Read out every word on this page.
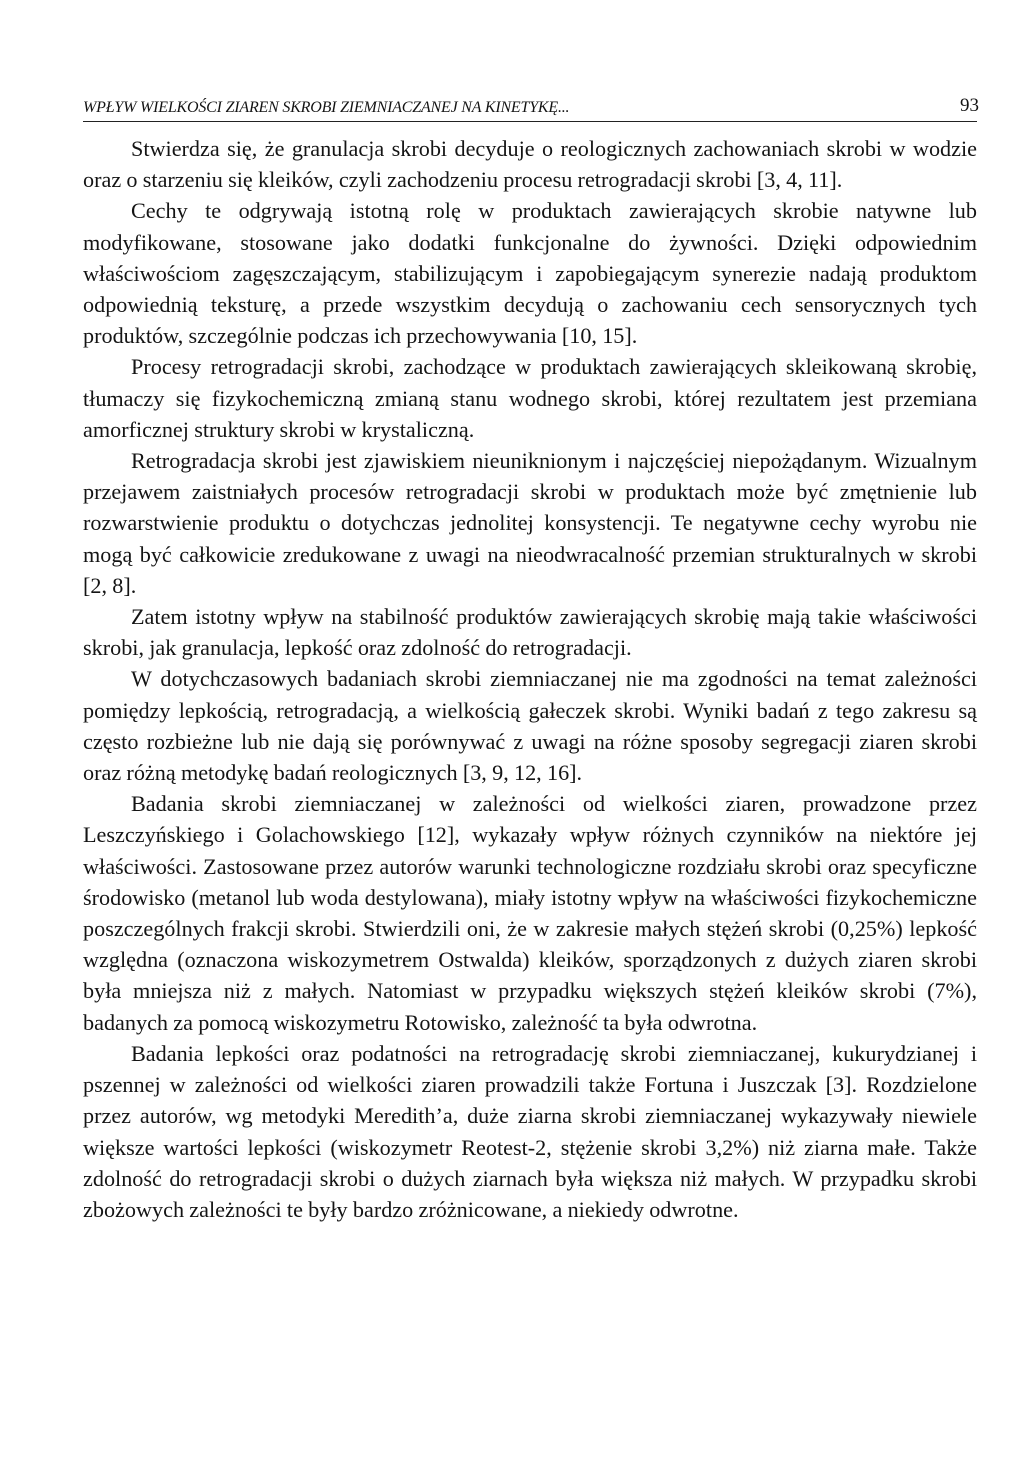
WPŁYW WIELKOŚCI ZIAREN SKROBI ZIEMNIACZANEJ NA KINETYKĘ...	93

Stwierdza się, że granulacja skrobi decyduje o reologicznych zachowaniach skrobi w wodzie oraz o starzeniu się kleików, czyli zachodzeniu procesu retrogradacji skrobi [3, 4, 11].

Cechy te odgrywają istotną rolę w produktach zawierających skrobie natywne lub modyfikowane, stosowane jako dodatki funkcjonalne do żywności. Dzięki odpowiednim właściwościom zagęszczającym, stabilizującym i zapobiegającym synerezie nadają produktom odpowiednią teksturę, a przede wszystkim decydują o zachowaniu cech sensorycznych tych produktów, szczególnie podczas ich przechowywania [10, 15].

Procesy retrogradacji skrobi, zachodzące w produktach zawierających skleikowaną skrobię, tłumaczy się fizykochemiczną zmianą stanu wodnego skrobi, której rezultatem jest przemiana amorficznej struktury skrobi w krystaliczną.

Retrogradacja skrobi jest zjawiskiem nieuniknionym i najczęściej niepożądanym. Wizualnym przejawem zaistniałych procesów retrogradacji skrobi w produktach może być zmętnienie lub rozwarstwienie produktu o dotychczas jednolitej konsystencji. Te negatywne cechy wyrobu nie mogą być całkowicie zredukowane z uwagi na nieodwracalność przemian strukturalnych w skrobi [2, 8].

Zatem istotny wpływ na stabilność produktów zawierających skrobię mają takie właściwości skrobi, jak granulacja, lepkość oraz zdolność do retrogradacji.

W dotychczasowych badaniach skrobi ziemniaczanej nie ma zgodności na temat zależności pomiędzy lepkością, retrogradacją, a wielkością gałeczek skrobi. Wyniki badań z tego zakresu są często rozbieżne lub nie dają się porównywać z uwagi na różne sposoby segregacji ziaren skrobi oraz różną metodykę badań reologicznych [3, 9, 12, 16].

Badania skrobi ziemniaczanej w zależności od wielkości ziaren, prowadzone przez Leszczyńskiego i Golachowskiego [12], wykazały wpływ różnych czynników na niektóre jej właściwości. Zastosowane przez autorów warunki technologiczne rozdziału skrobi oraz specyficzne środowisko (metanol lub woda destylowana), miały istotny wpływ na właściwości fizykochemiczne poszczególnych frakcji skrobi. Stwierdzili oni, że w zakresie małych stężeń skrobi (0,25%) lepkość względna (oznaczona wiskozymetrem Ostwalda) kleików, sporządzonych z dużych ziaren skrobi była mniejsza niż z małych. Natomiast w przypadku większych stężeń kleików skrobi (7%), badanych za pomocą wiskozymetru Rotowisko, zależność ta była odwrotna.

Badania lepkości oraz podatności na retrogradację skrobi ziemniaczanej, kukurydzianej i pszennej w zależności od wielkości ziaren prowadzili także Fortuna i Juszczak [3]. Rozdzielone przez autorów, wg metodyki Meredith’a, duże ziarna skrobi ziemniaczanej wykazywały niewiele większe wartości lepkości (wiskozymetr Reotest-2, stężenie skrobi 3,2%) niż ziarna małe. Także zdolność do retrogradacji skrobi o dużych ziarnach była większa niż małych. W przypadku skrobi zbożowych zależności te były bardzo zróżnicowane, a niekiedy odwrotne.
